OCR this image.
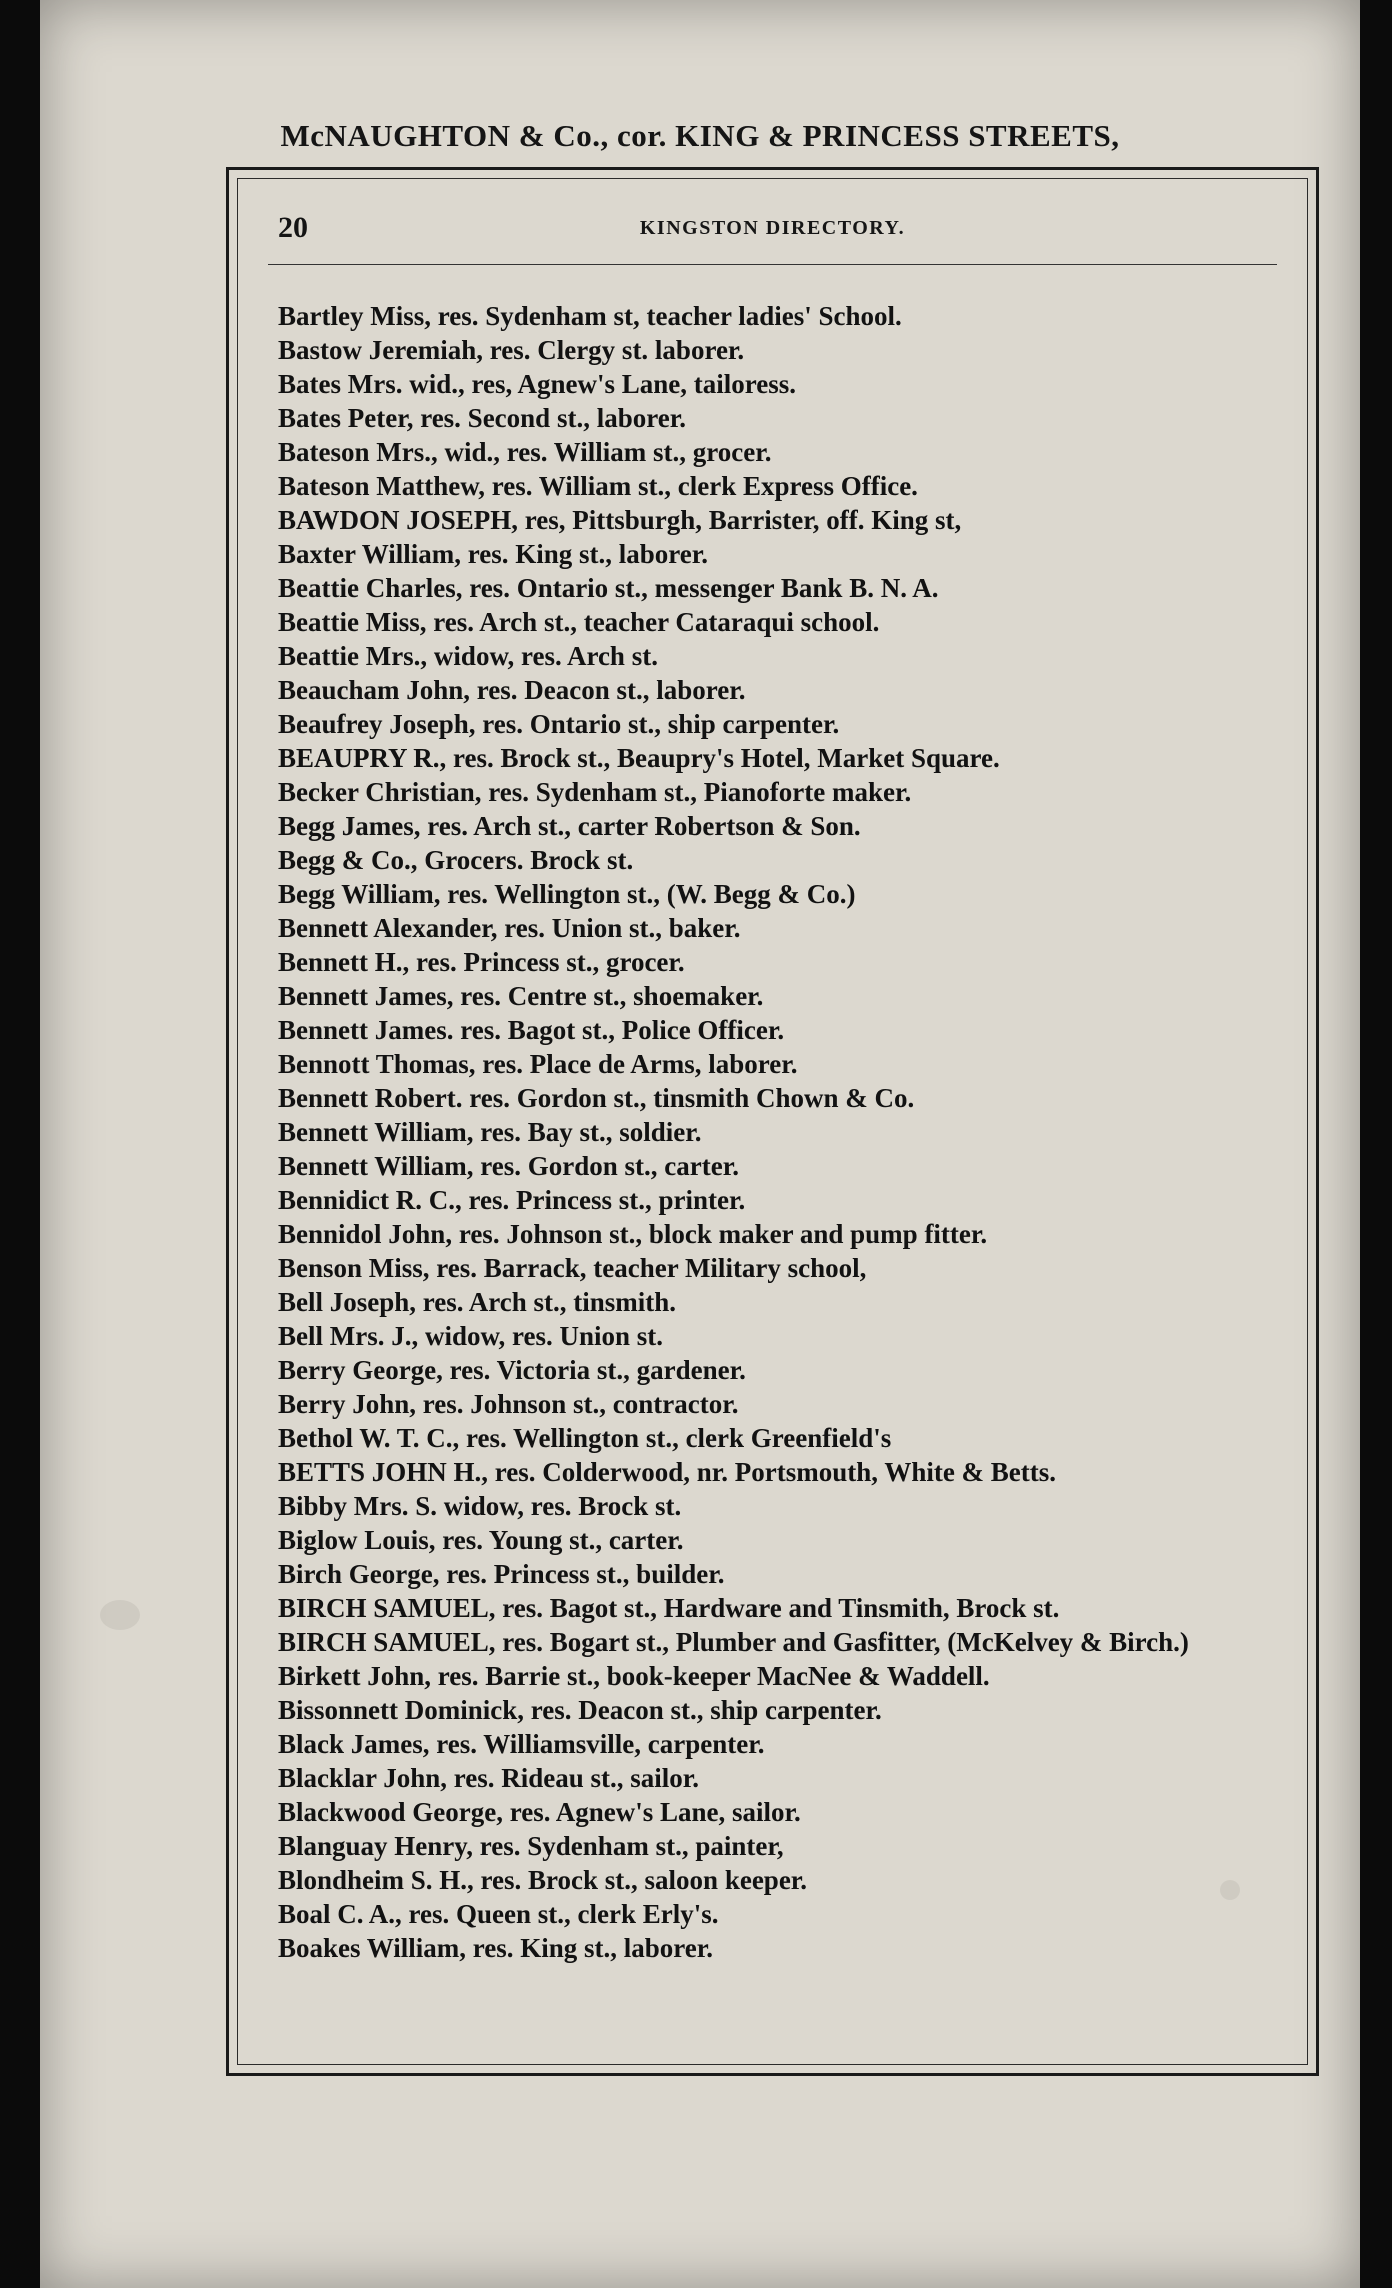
McNAUGHTON & Co., cor. KING & PRINCESS STREETS,
20	KINGSTON DIRECTORY.
Bartley Miss, res. Sydenham st, teacher ladies' School.
Bastow Jeremiah, res. Clergy st. laborer.
Bates Mrs. wid., res, Agnew's Lane, tailoress.
Bates Peter, res. Second st., laborer.
Bateson Mrs., wid., res. William st., grocer.
Bateson Matthew, res. William st., clerk Express Office.
BAWDON JOSEPH, res, Pittsburgh, Barrister, off. King st,
Baxter William, res. King st., laborer.
Beattie Charles, res. Ontario st., messenger Bank B. N. A.
Beattie Miss, res. Arch st., teacher Cataraqui school.
Beattie Mrs., widow, res. Arch st.
Beaucham John, res. Deacon st., laborer.
Beaufrey Joseph, res. Ontario st., ship carpenter.
BEAUPRY R., res. Brock st., Beaupry's Hotel, Market Square.
Becker Christian, res. Sydenham st., Pianoforte maker.
Begg James, res. Arch st., carter Robertson & Son.
Begg & Co., Grocers. Brock st.
Begg William, res. Wellington st., (W. Begg & Co.)
Bennett Alexander, res. Union st., baker.
Bennett H., res. Princess st., grocer.
Bennett James, res. Centre st., shoemaker.
Bennett James. res. Bagot st., Police Officer.
Bennott Thomas, res. Place de Arms, laborer.
Bennett Robert. res. Gordon st., tinsmith Chown & Co.
Bennett William, res. Bay st., soldier.
Bennett William, res. Gordon st., carter.
Bennidict R. C., res. Princess st., printer.
Bennidol John, res. Johnson st., block maker and pump fitter.
Benson Miss, res. Barrack, teacher Military school,
Bell Joseph, res. Arch st., tinsmith.
Bell Mrs. J., widow, res. Union st.
Berry George, res. Victoria st., gardener.
Berry John, res. Johnson st., contractor.
Bethol W. T. C., res. Wellington st., clerk Greenfield's
BETTS JOHN H., res. Colderwood, nr. Portsmouth, White & Betts.
Bibby Mrs. S. widow, res. Brock st.
Biglow Louis, res. Young st., carter.
Birch George, res. Princess st., builder.
BIRCH SAMUEL, res. Bagot st., Hardware and Tinsmith, Brock st.
BIRCH SAMUEL, res. Bogart st., Plumber and Gasfitter, (McKelvey & Birch.)
Birkett John, res. Barrie st., book-keeper MacNee & Waddell.
Bissonnett Dominick, res. Deacon st., ship carpenter.
Black James, res. Williamsville, carpenter.
Blacklar John, res. Rideau st., sailor.
Blackwood George, res. Agnew's Lane, sailor.
Blanguay Henry, res. Sydenham st., painter,
Blondheim S. H., res. Brock st., saloon keeper.
Boal C. A., res. Queen st., clerk Erly's.
Boakes William, res. King st., laborer.
